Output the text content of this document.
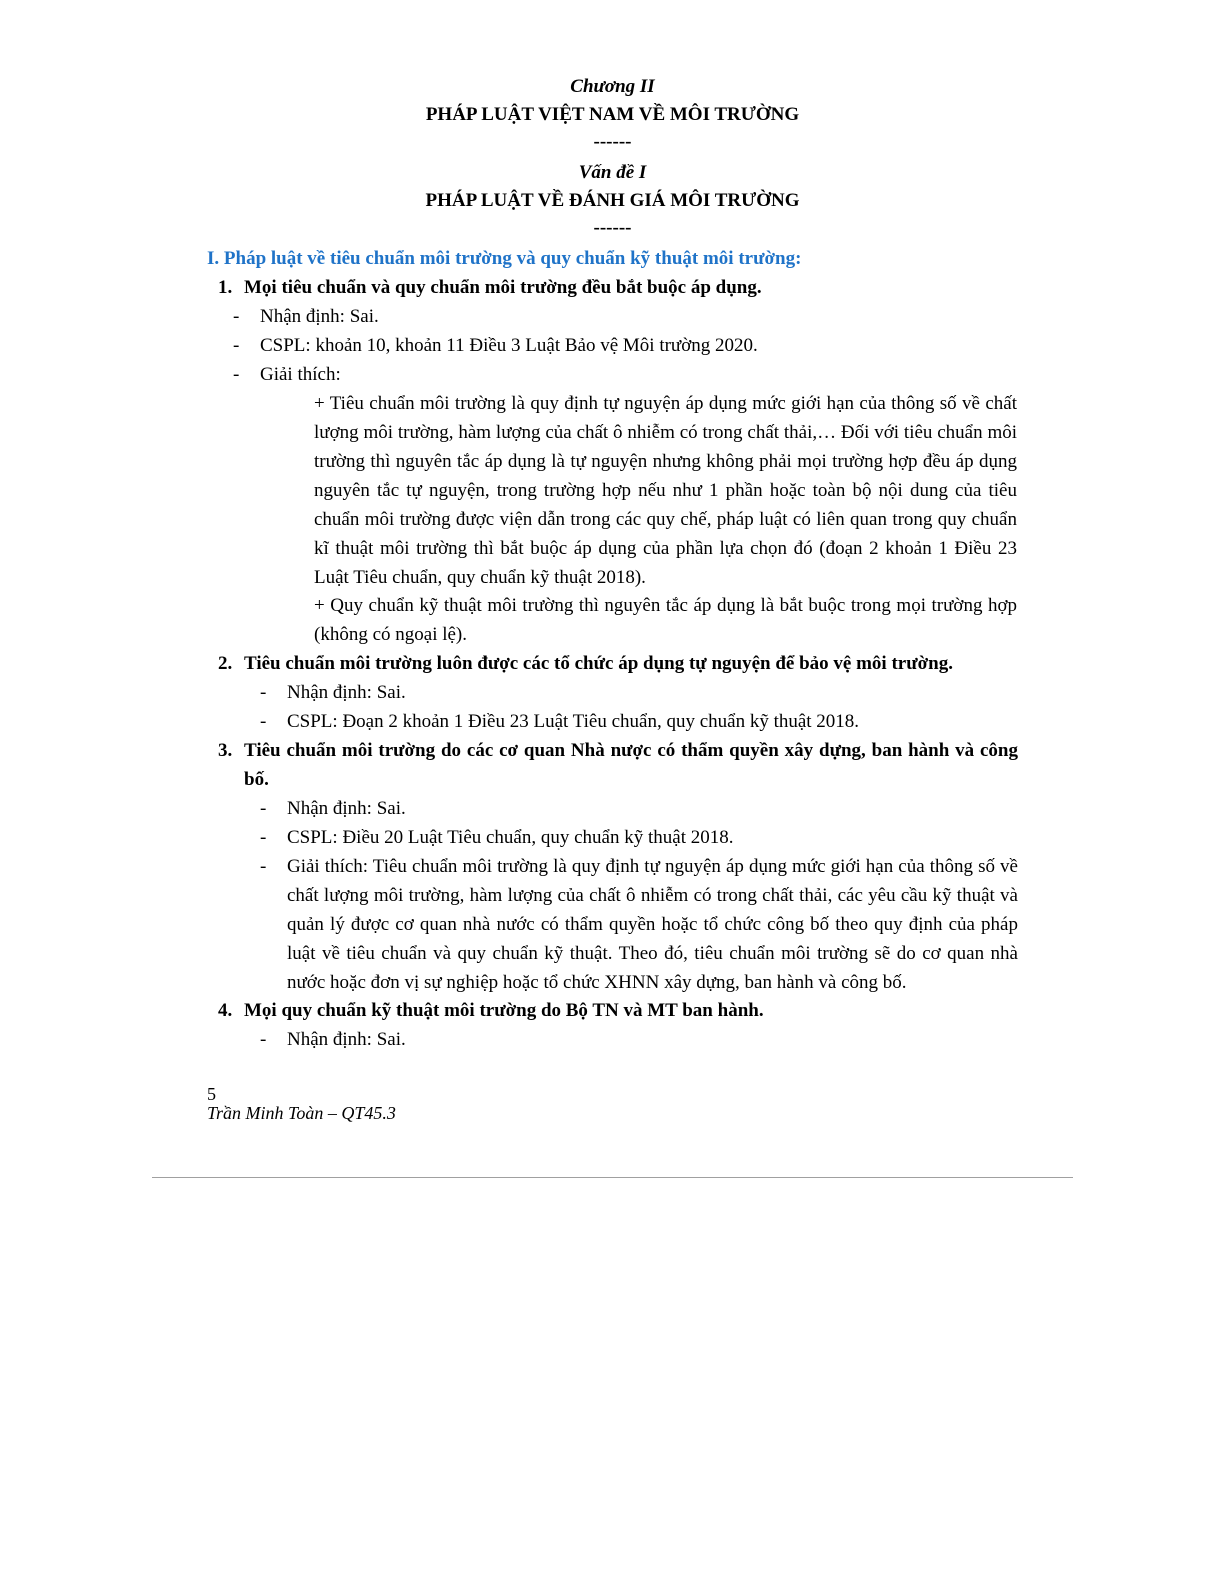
Chương II
PHÁP LUẬT VIỆT NAM VỀ MÔI TRƯỜNG
------
Vấn đề I
PHÁP LUẬT VỀ ĐÁNH GIÁ MÔI TRƯỜNG
------
I. Pháp luật về tiêu chuẩn môi trường và quy chuẩn kỹ thuật môi trường:
1. Mọi tiêu chuẩn và quy chuẩn môi trường đều bắt buộc áp dụng.
- Nhận định: Sai.
- CSPL: khoản 10, khoản 11 Điều 3 Luật Bảo vệ Môi trường 2020.
- Giải thích:
+ Tiêu chuẩn môi trường là quy định tự nguyện áp dụng mức giới hạn của thông số về chất lượng môi trường, hàm lượng của chất ô nhiễm có trong chất thải,… Đối với tiêu chuẩn môi trường thì nguyên tắc áp dụng là tự nguyện nhưng không phải mọi trường hợp đều áp dụng nguyên tắc tự nguyện, trong trường hợp nếu như 1 phần hoặc toàn bộ nội dung của tiêu chuẩn môi trường được viện dẫn trong các quy chế, pháp luật có liên quan trong quy chuẩn kĩ thuật môi trường thì bắt buộc áp dụng của phần lựa chọn đó (đoạn 2 khoản 1 Điều 23 Luật Tiêu chuẩn, quy chuẩn kỹ thuật 2018).
+ Quy chuẩn kỹ thuật môi trường thì nguyên tắc áp dụng là bắt buộc trong mọi trường hợp (không có ngoại lệ).
2. Tiêu chuẩn môi trường luôn được các tổ chức áp dụng tự nguyện để bảo vệ môi trường.
- Nhận định: Sai.
- CSPL: Đoạn 2 khoản 1 Điều 23 Luật Tiêu chuẩn, quy chuẩn kỹ thuật 2018.
3. Tiêu chuẩn môi trường do các cơ quan Nhà nược có thẩm quyền xây dựng, ban hành và công bố.
- Nhận định: Sai.
- CSPL: Điều 20 Luật Tiêu chuẩn, quy chuẩn kỹ thuật 2018.
- Giải thích: Tiêu chuẩn môi trường là quy định tự nguyện áp dụng mức giới hạn của thông số về chất lượng môi trường, hàm lượng của chất ô nhiễm có trong chất thải, các yêu cầu kỹ thuật và quản lý được cơ quan nhà nước có thẩm quyền hoặc tổ chức công bố theo quy định của pháp luật về tiêu chuẩn và quy chuẩn kỹ thuật. Theo đó, tiêu chuẩn môi trường sẽ do cơ quan nhà nước hoặc đơn vị sự nghiệp hoặc tổ chức XHNN xây dựng, ban hành và công bố.
4. Mọi quy chuẩn kỹ thuật môi trường do Bộ TN và MT ban hành.
- Nhận định: Sai.
5
Trần Minh Toàn – QT45.3
